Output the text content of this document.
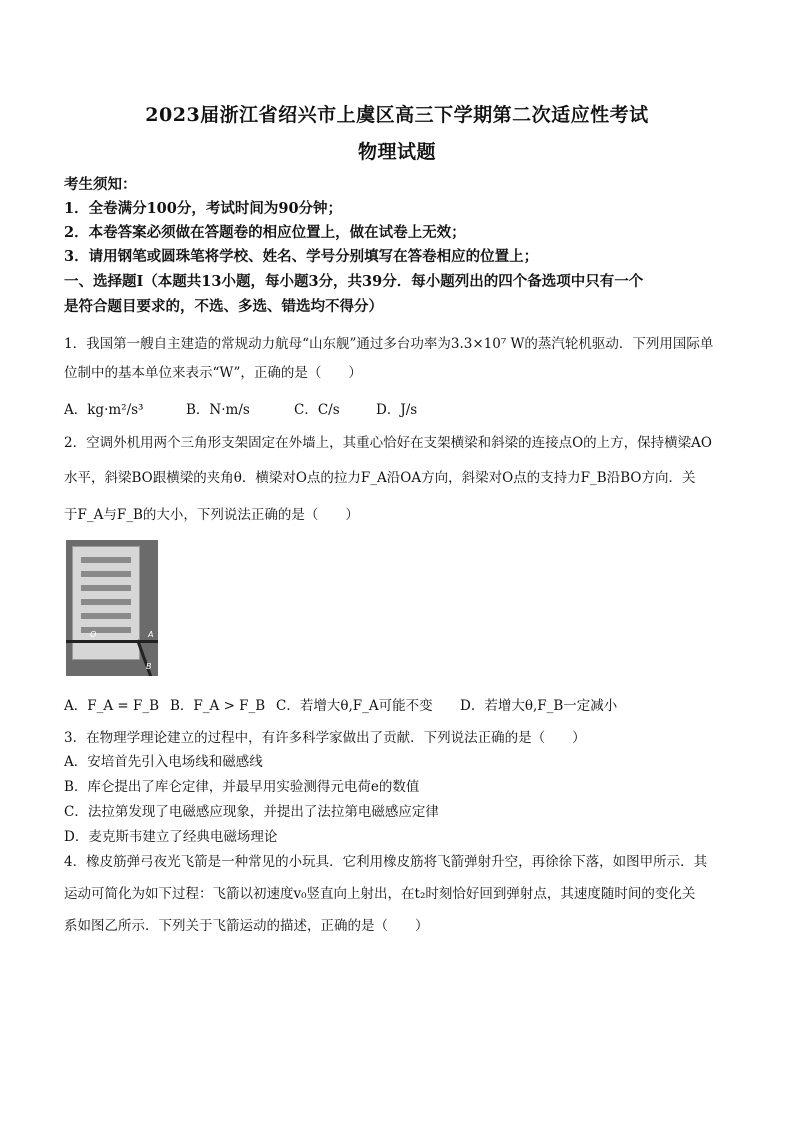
2023届浙江省绍兴市上虞区高三下学期第二次适应性考试
物理试题
考生须知：
1．全卷满分100分，考试时间为90分钟；
2．本卷答案必须做在答题卷的相应位置上，做在试卷上无效；
3．请用钢笔或圆珠笔将学校、姓名、学号分别填写在答卷相应的位置上；
一、选择题Ⅰ（本题共13小题，每小题3分，共39分．每小题列出的四个备选项中只有一个
是符合题目要求的，不选、多选、错选均不得分）
1．我国第一艘自主建造的常规动力航母“山东舰”通过多台功率为3.3×10⁷ W的蒸汽轮机驱动．下列用国际单
位制中的基本单位来表示“W”，正确的是（　　）
A．kg·m²/s³	B．N·m/s	C．C/s	D．J/s
2．空调外机用两个三角形支架固定在外墙上，其重心恰好在支架横梁和斜梁的连接点O的上方，保持横梁AO
水平，斜梁BO跟横梁的夹角θ．横梁对O点的拉力F_A沿OA方向，斜梁对O点的支持力F_B沿BO方向．关
于F_A与F_B的大小，下列说法正确的是（　　）
O	A
B
A．F_A = F_B B．F_A > F_B C．若增大θ,F_A可能不变 D．若增大θ,F_B一定减小
3．在物理学理论建立的过程中，有许多科学家做出了贡献．下列说法正确的是（　　）
A．安培首先引入电场线和磁感线
B．库仑提出了库仑定律，并最早用实验测得元电荷e的数值
C．法拉第发现了电磁感应现象，并提出了法拉第电磁感应定律
D．麦克斯韦建立了经典电磁场理论
4．橡皮筋弹弓夜光飞箭是一种常见的小玩具．它利用橡皮筋将飞箭弹射升空，再徐徐下落，如图甲所示．其
运动可简化为如下过程：飞箭以初速度v₀竖直向上射出，在t₂时刻恰好回到弹射点，其速度随时间的变化关
系如图乙所示．下列关于飞箭运动的描述，正确的是（　　）
